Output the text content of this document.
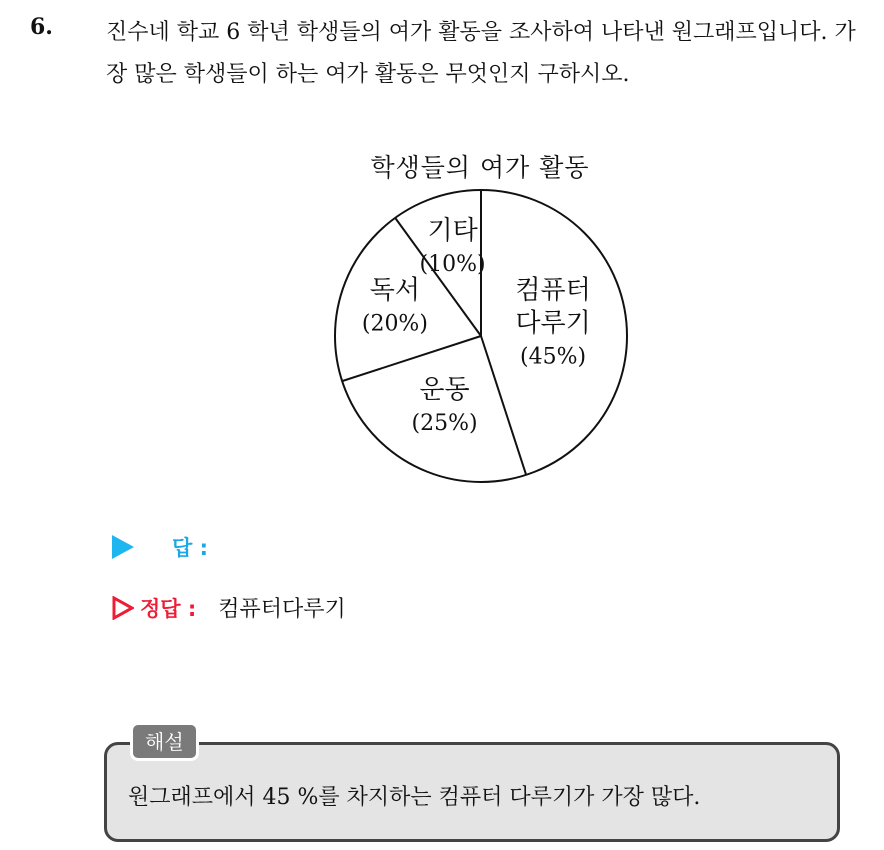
6. 진수네 학교 6 학년 학생들의 여가 활동을 조사하여 나타낸 원그래프입니다. 가장 많은 학생들이 하는 여가 활동은 무엇인지 구하시오.

학생들의 여가 활동
컴퓨터
다루기
(45%)
운동
(25%)
독서
(20%)
기타
(10%)
답 :
정답 : 컴퓨터다루기
해설
원그래프에서 45 %를 차지하는 컴퓨터 다루기가 가장 많다.
